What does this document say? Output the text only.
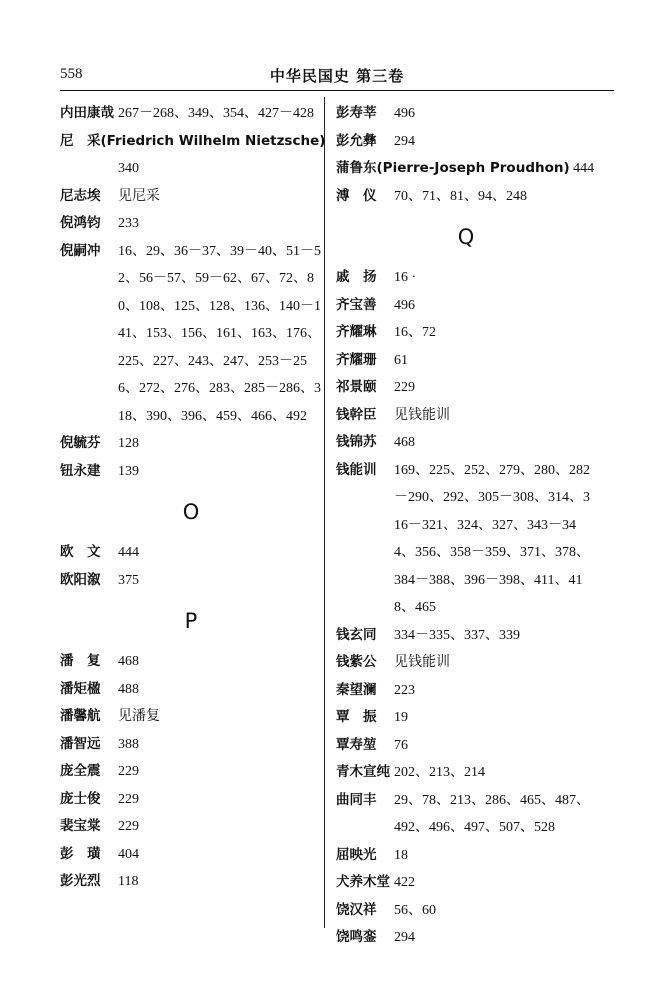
558	中华民国史 第三卷
内田康哉 267－268、349、354、427－428
尼　采(Friedrich Wilhelm Nietzsche)
340
尼志埃 见尼采
倪鸿钧 233
倪嗣冲 16、29、36－37、39－40、51－52、56－57、59－62、67、72、80、108、125、128、136、140－141、153、156、161、163、176、225、227、243、247、253－256、272、276、283、285－286、318、390、396、459、466、492
倪毓芬 128
钮永建 139
O
欧　文 444
欧阳溆 375
P
潘　复 468
潘矩楹 488
潘馨航 见潘复
潘智远 388
庞全震 229
庞士俊 229
裴宝棠 229
彭　璜 404
彭光烈 118
彭寿莘 496
彭允彝 294
蒲鲁东(Pierre-Joseph Proudhon) 444
溥　仪 70、71、81、94、248
Q
戚　扬 16 ·
齐宝善 496
齐耀琳 16、72
齐耀珊 61
祁景颐 229
钱幹臣 见钱能训
钱锦苏 468
钱能训 169、225、252、279、280、282－290、292、305－308、314、316－321、324、327、343－344、356、358－359、371、378、384－388、396－398、411、418、465
钱玄同 334－335、337、339
钱紫公 见钱能训
秦望澜 223
覃　振 19
覃寿堃 76
青木宣纯 202、213、214
曲同丰 29、78、213、286、465、487、492、496、497、507、528
屈映光 18
犬养木堂 422
饶汉祥 56、60
饶鸣銮 294
